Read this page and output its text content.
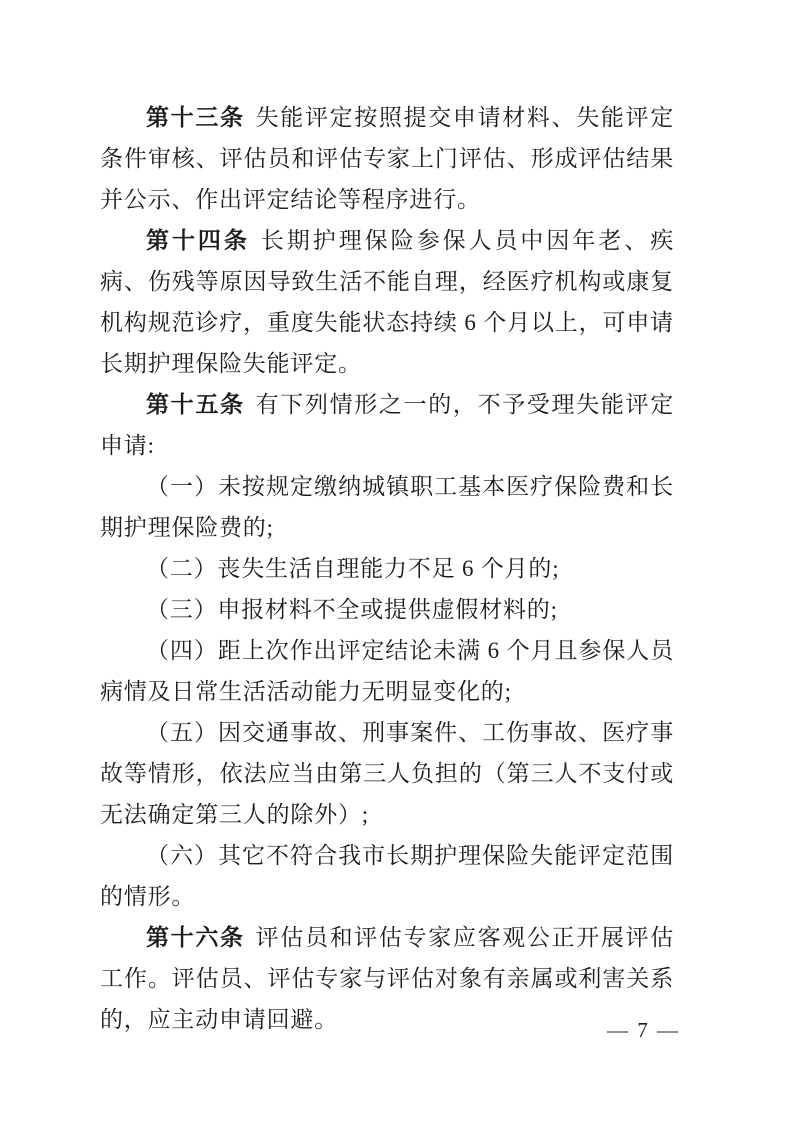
第十三条 失能评定按照提交申请材料、失能评定条件审核、评估员和评估专家上门评估、形成评估结果并公示、作出评定结论等程序进行。

第十四条 长期护理保险参保人员中因年老、疾病、伤残等原因导致生活不能自理，经医疗机构或康复机构规范诊疗，重度失能状态持续 6 个月以上，可申请长期护理保险失能评定。

第十五条 有下列情形之一的，不予受理失能评定申请:

（一）未按规定缴纳城镇职工基本医疗保险费和长期护理保险费的;

（二）丧失生活自理能力不足 6 个月的;

（三）申报材料不全或提供虚假材料的;

（四）距上次作出评定结论未满 6 个月且参保人员病情及日常生活活动能力无明显变化的;

（五）因交通事故、刑事案件、工伤事故、医疗事故等情形，依法应当由第三人负担的（第三人不支付或无法确定第三人的除外）;

（六）其它不符合我市长期护理保险失能评定范围的情形。

第十六条 评估员和评估专家应客观公正开展评估工作。评估员、评估专家与评估对象有亲属或利害关系的，应主动申请回避。	— 7 —
